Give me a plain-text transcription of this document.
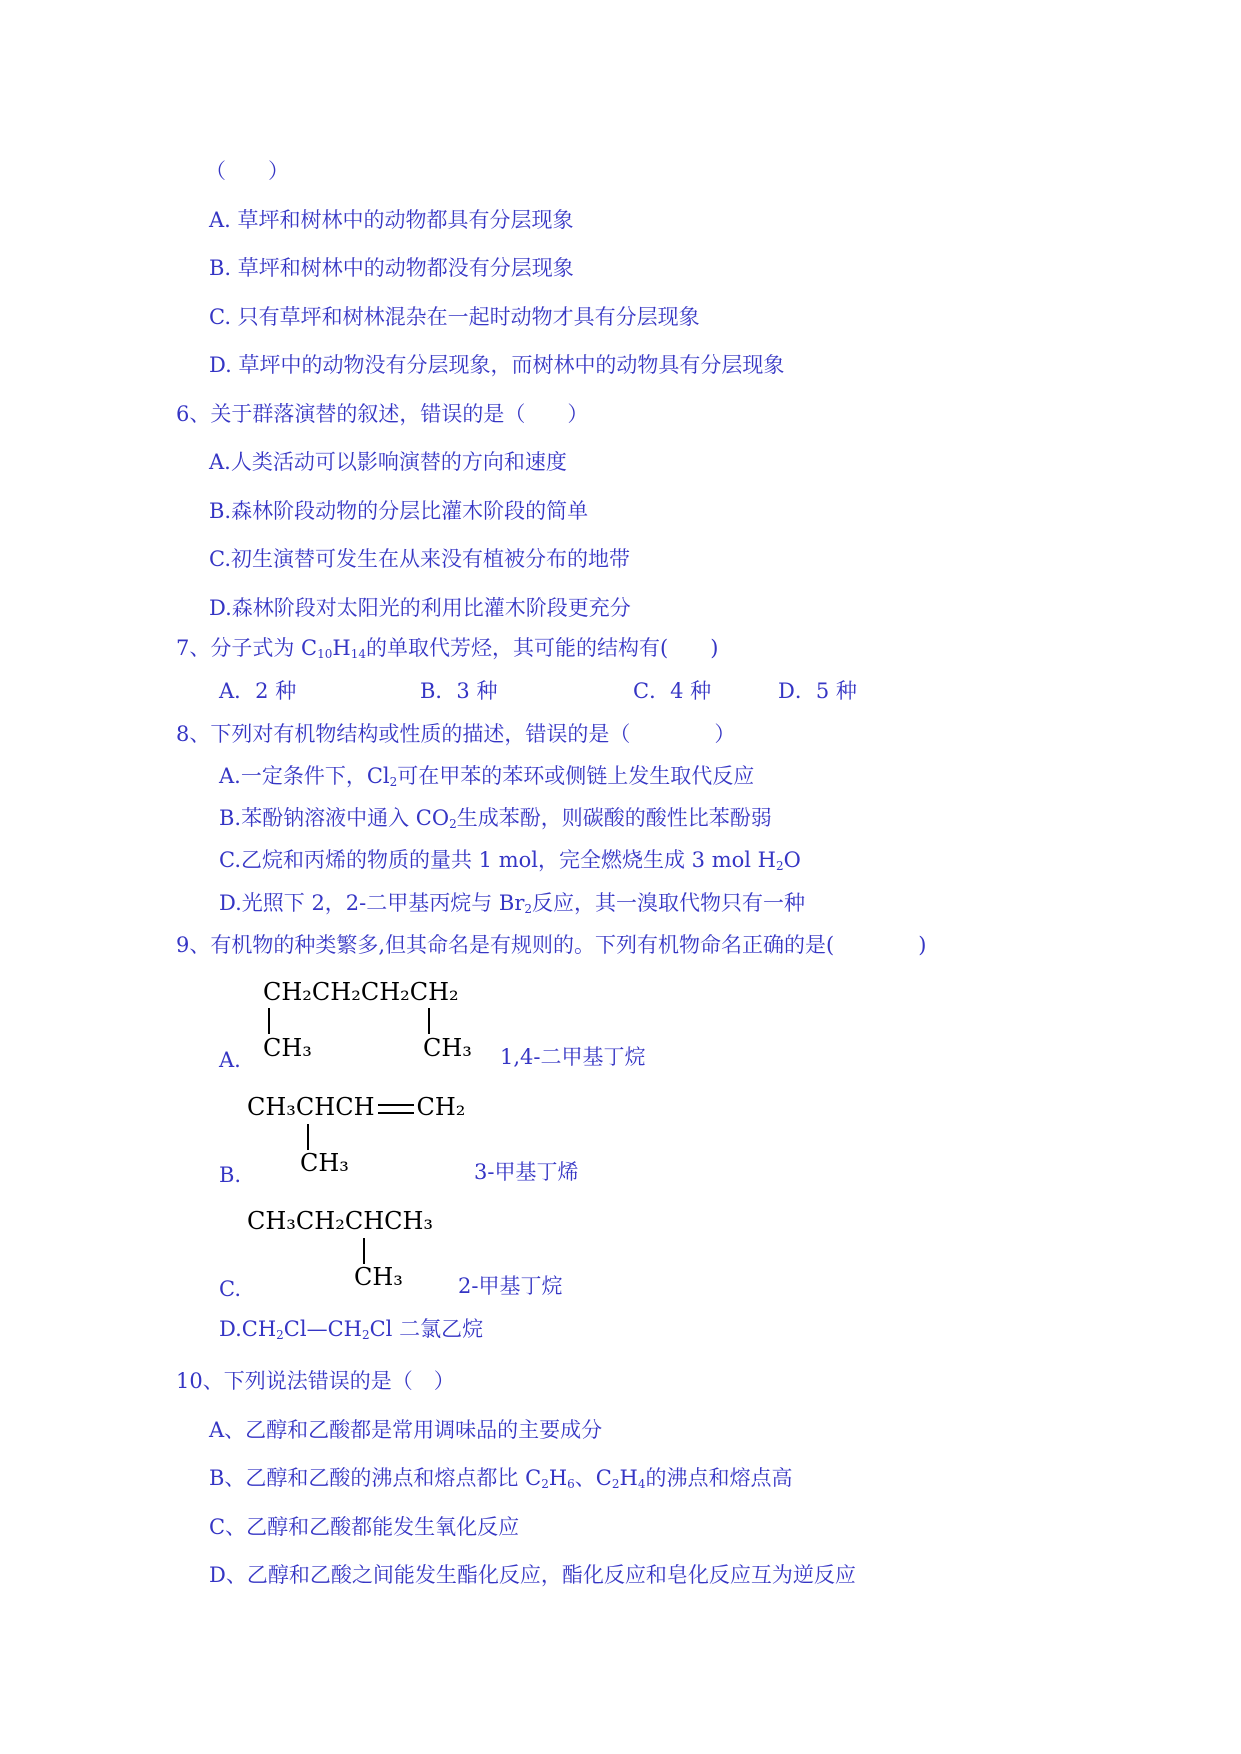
（　　）
A. 草坪和树林中的动物都具有分层现象
B. 草坪和树林中的动物都没有分层现象
C. 只有草坪和树林混杂在一起时动物才具有分层现象
D. 草坪中的动物没有分层现象，而树林中的动物具有分层现象
6、关于群落演替的叙述，错误的是（　　）
A.人类活动可以影响演替的方向和速度
B.森林阶段动物的分层比灌木阶段的简单
C.初生演替可发生在从来没有植被分布的地带
D.森林阶段对太阳光的利用比灌木阶段更充分
7、分子式为 $C_{10}H_{14}$的单取代芳烃，其可能的结构有(　　)
A．2 种	B．3 种	C．4 种	D．5 种
8、下列对有机物结构或性质的描述，错误的是（　　　　）
A.一定条件下，$Cl_2$可在甲苯的苯环或侧链上发生取代反应
B.苯酚钠溶液中通入 $CO_2$生成苯酚，则碳酸的酸性比苯酚弱
C.乙烷和丙烯的物质的量共 1 mol，完全燃烧生成 3 mol $H_2O$
D.光照下 2，2-二甲基丙烷与 $Br_2$反应，其一溴取代物只有一种
9、有机物的种类繁多,但其命名是有规则的。下列有机物命名正确的是(　　　　)
CH₂CH₂CH₂CH₂
CH₃	CH₃
A.	1,4-二甲基丁烷
CH₃CHCH CH₂
CH₃
B.	3-甲基丁烯
CH₃CH₂CHCH₃
CH₃
C.	2-甲基丁烷
$D.CH_2Cl—CH_2Cl$ 二氯乙烷
10、下列说法错误的是（　）
A、乙醇和乙酸都是常用调味品的主要成分
B、乙醇和乙酸的沸点和熔点都比 $C_2H_6$、$C_2H_4$的沸点和熔点高
C、乙醇和乙酸都能发生氧化反应
D、乙醇和乙酸之间能发生酯化反应，酯化反应和皂化反应互为逆反应
